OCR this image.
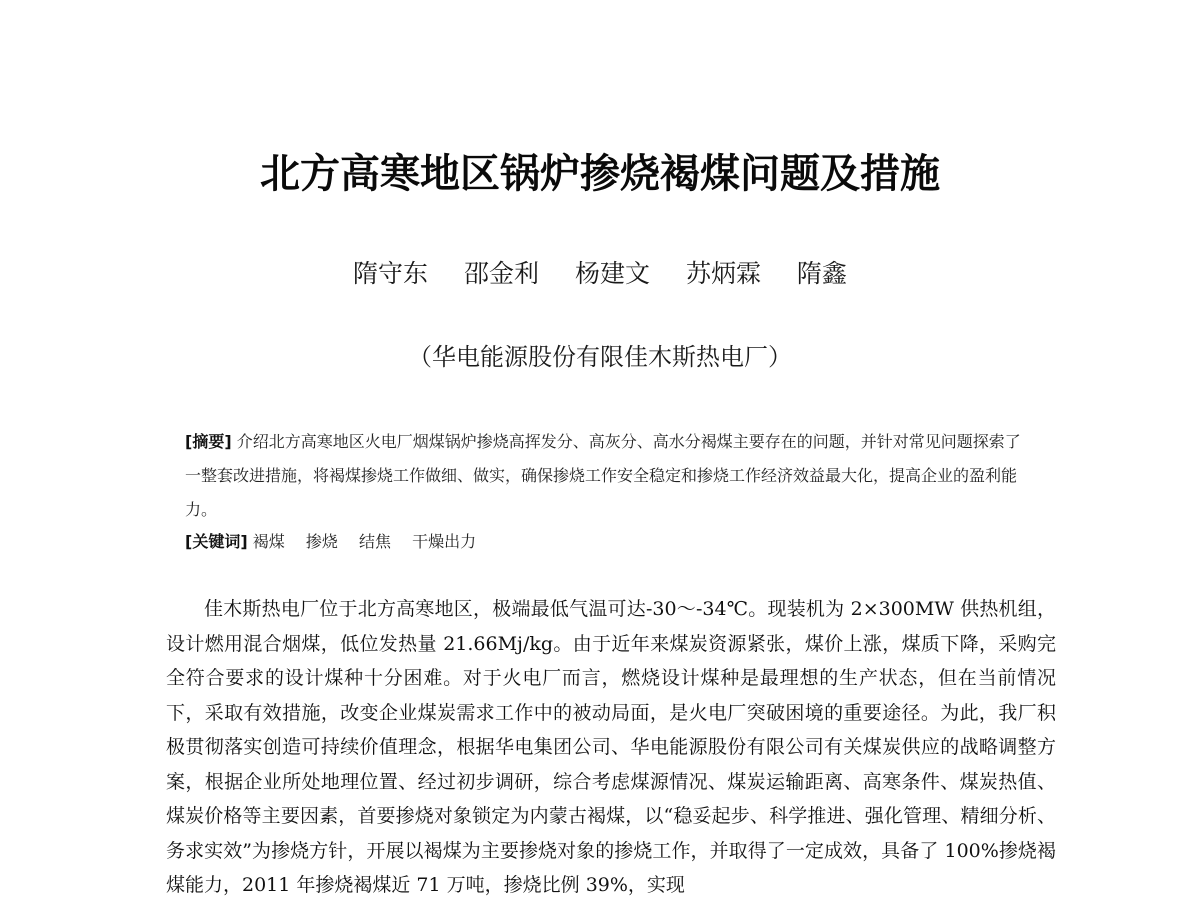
北方高寒地区锅炉掺烧褐煤问题及措施
隋守东 邵金利 杨建文 苏炳霖 隋鑫
（华电能源股份有限佳木斯热电厂）
[摘要] 介绍北方高寒地区火电厂烟煤锅炉掺烧高挥发分、高灰分、高水分褐煤主要存在的问题，并针对常见问题探索了一整套改进措施，将褐煤掺烧工作做细、做实，确保掺烧工作安全稳定和掺烧工作经济效益最大化，提高企业的盈利能力。
[关键词] 褐煤 掺烧 结焦 干燥出力

佳木斯热电厂位于北方高寒地区，极端最低气温可达-30～-34℃。现装机为 2×300MW 供热机组，设计燃用混合烟煤，低位发热量 21.66Mj/kg。由于近年来煤炭资源紧张，煤价上涨，煤质下降，采购完全符合要求的设计煤种十分困难。对于火电厂而言，燃烧设计煤种是最理想的生产状态，但在当前情况下，采取有效措施，改变企业煤炭需求工作中的被动局面，是火电厂突破困境的重要途径。为此，我厂积极贯彻落实创造可持续价值理念，根据华电集团公司、华电能源股份有限公司有关煤炭供应的战略调整方案，根据企业所处地理位置、经过初步调研，综合考虑煤源情况、煤炭运输距离、高寒条件、煤炭热值、煤炭价格等主要因素，首要掺烧对象锁定为内蒙古褐煤，以“稳妥起步、科学推进、强化管理、精细分析、务求实效”为掺烧方针，开展以褐煤为主要掺烧对象的掺烧工作，并取得了一定成效，具备了 100%掺烧褐煤能力，2011 年掺烧褐煤近 71 万吨，掺烧比例 39%，实现
